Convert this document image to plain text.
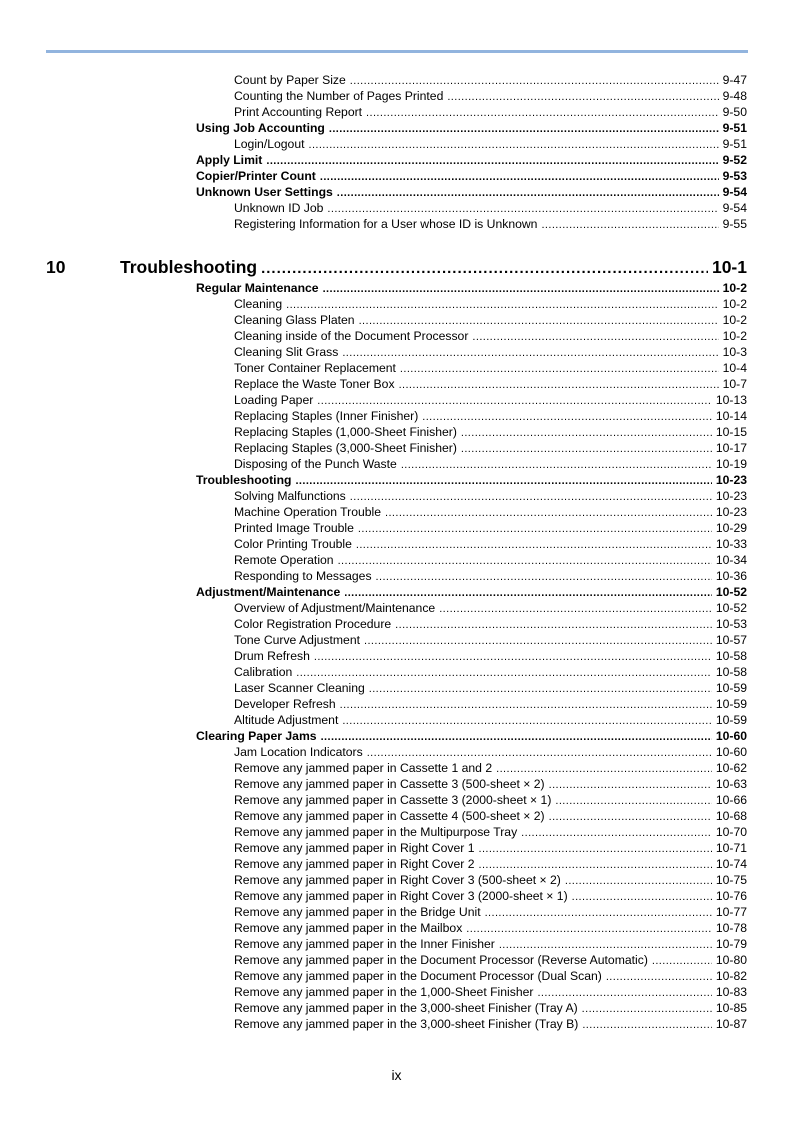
Count by Paper Size .....	9-47
Counting the Number of Pages Printed .....	9-48
Print Accounting Report .....	9-50
Using Job Accounting .....	9-51
Login/Logout .....	9-51
Apply Limit .....	9-52
Copier/Printer Count .....	9-53
Unknown User Settings .....	9-54
Unknown ID Job .....	9-54
Registering Information for a User whose ID is Unknown .....	9-55
10	Troubleshooting .....	10-1
Regular Maintenance .....	10-2
Cleaning .....	10-2
Cleaning Glass Platen .....	10-2
Cleaning inside of the Document Processor .....	10-2
Cleaning Slit Grass .....	10-3
Toner Container Replacement .....	10-4
Replace the Waste Toner Box .....	10-7
Loading Paper .....	10-13
Replacing Staples (Inner Finisher) .....	10-14
Replacing Staples (1,000-Sheet Finisher) .....	10-15
Replacing Staples (3,000-Sheet Finisher) .....	10-17
Disposing of the Punch Waste .....	10-19
Troubleshooting .....	10-23
Solving Malfunctions .....	10-23
Machine Operation Trouble .....	10-23
Printed Image Trouble .....	10-29
Color Printing Trouble .....	10-33
Remote Operation .....	10-34
Responding to Messages .....	10-36
Adjustment/Maintenance .....	10-52
Overview of Adjustment/Maintenance .....	10-52
Color Registration Procedure .....	10-53
Tone Curve Adjustment .....	10-57
Drum Refresh .....	10-58
Calibration .....	10-58
Laser Scanner Cleaning .....	10-59
Developer Refresh .....	10-59
Altitude Adjustment .....	10-59
Clearing Paper Jams .....	10-60
Jam Location Indicators .....	10-60
Remove any jammed paper in Cassette 1 and 2 .....	10-62
Remove any jammed paper in Cassette 3 (500-sheet × 2) .....	10-63
Remove any jammed paper in Cassette 3 (2000-sheet × 1) .....	10-66
Remove any jammed paper in Cassette 4 (500-sheet × 2) .....	10-68
Remove any jammed paper in the Multipurpose Tray .....	10-70
Remove any jammed paper in Right Cover 1 .....	10-71
Remove any jammed paper in Right Cover 2 .....	10-74
Remove any jammed paper in Right Cover 3 (500-sheet × 2) .....	10-75
Remove any jammed paper in Right Cover 3 (2000-sheet × 1) .....	10-76
Remove any jammed paper in the Bridge Unit .....	10-77
Remove any jammed paper in the Mailbox .....	10-78
Remove any jammed paper in the Inner Finisher .....	10-79
Remove any jammed paper in the Document Processor (Reverse Automatic) .....	10-80
Remove any jammed paper in the Document Processor (Dual Scan) .....	10-82
Remove any jammed paper in the 1,000-Sheet Finisher .....	10-83
Remove any jammed paper in the 3,000-sheet Finisher (Tray A) .....	10-85
Remove any jammed paper in the 3,000-sheet Finisher (Tray B) .....	10-87
ix
